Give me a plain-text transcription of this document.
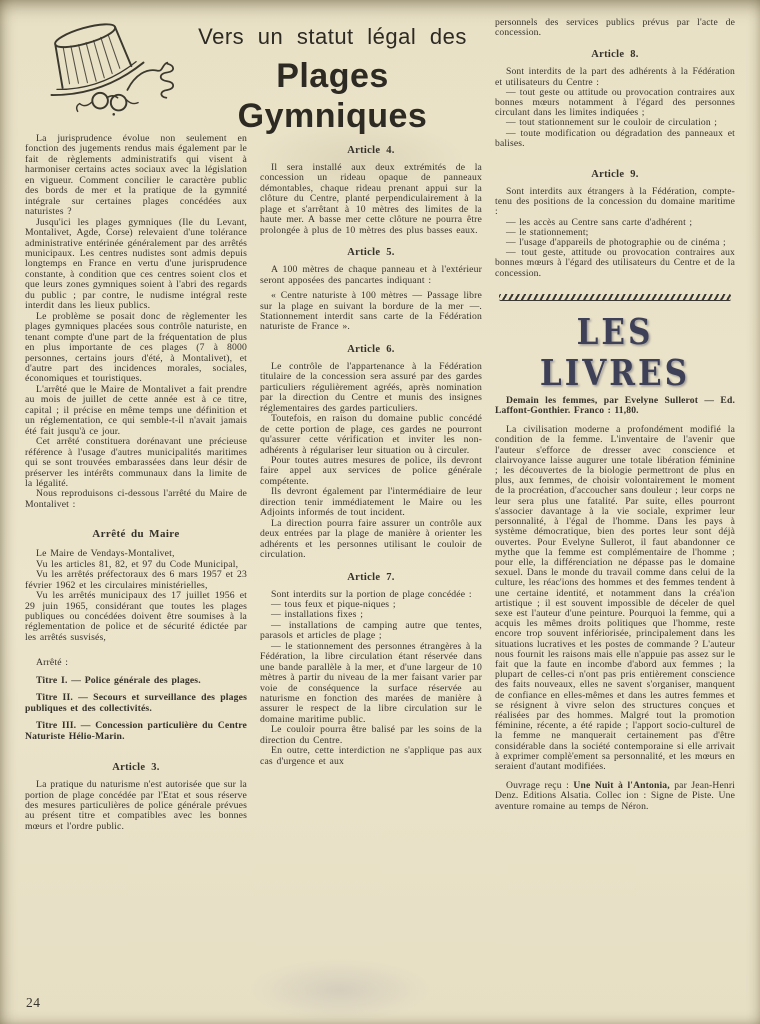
Vers un statut légal des

Plages Gymniques

La jurisprudence évolue non seulement en fonction des jugements rendus mais également par le fait de règlements administratifs qui visent à harmoniser certains actes sociaux avec la législation en vigueur. Comment concilier le caractère public des bords de mer et la pratique de la gymnité intégrale sur certaines plages concédées aux naturistes ?

Jusqu'ici les plages gymniques (Ile du Levant, Montalivet, Agde, Corse) relevaient d'une tolérance administrative entérinée généralement par des arrêtés municipaux. Les centres nudistes sont admis depuis longtemps en France en vertu d'une jurisprudence constante, à condition que ces centres soient clos et que leurs zones gymniques soient à l'abri des regards du public ; par contre, le nudisme intégral reste interdit dans les lieux publics.

Le problème se posait donc de règlementer les plages gymniques placées sous contrôle naturiste, en tenant compte d'une part de la fréquentation de plus en plus importante de ces plages (7 à 8000 personnes, certains jours d'été, à Montalivet), et d'autre part des incidences morales, sociales, économiques et touristiques.

L'arrêté que le Maire de Montalivet a fait prendre au mois de juillet de cette année est à ce titre, capital ; il précise en même temps une définition et un réglementation, ce qui semble-t-il n'avait jamais été fait jusqu'à ce jour.

Cet arrêté constituera dorénavant une précieuse référence à l'usage d'autres municipalités maritimes qui se sont trouvées embarassées dans leur désir de préserver les intérêts communaux dans la limite de la légalité.

Nous reproduisons ci-dessous l'arrêté du Maire de Montalivet :

Arrêté du Maire

Le Maire de Vendays-Montalivet,

Vu les articles 81, 82, et 97 du Code Municipal,

Vu les arrêtés préfectoraux des 6 mars 1957 et 23 février 1962 et les circulaires ministérielles,

Vu les arrêtés municipaux des 17 juillet 1956 et 29 juin 1965, considérant que toutes les plages publiques ou concédées doivent être soumises à la réglementation de police et de sécurité édictée par les arrêtés susvisés,

Arrêté :

Titre I. — Police générale des plages.

Titre II. — Secours et surveillance des plages publiques et des collectivités.

Titre III. — Concession particulière du Centre Naturiste Hélio-Marin.

Article 3.

La pratique du naturisme n'est autorisée que sur la portion de plage concédée par l'Etat et sous réserve des mesures particulières de police générale prévues au présent titre et compatibles avec les bonnes mœurs et l'ordre public.

Article 4.

Il sera installé aux deux extrémités de la concession un rideau opaque de panneaux démontables, chaque rideau prenant appui sur la clôture du Centre, planté perpendiculairement à la plage et s'arrêtant à 10 mètres des limites de la haute mer. A basse mer cette clôture ne pourra être prolongée à plus de 10 mètres des plus basses eaux.

Article 5.

A 100 mètres de chaque panneau et à l'extérieur seront apposées des pancartes indiquant :

« Centre naturiste à 100 mètres — Passage libre sur la plage en suivant la bordure de la mer —. Stationnement interdit sans carte de la Fédération naturiste de France ».

Article 6.

Le contrôle de l'appartenance à la Fédération titulaire de la concession sera assuré par des gardes particuliers régulièrement agréés, après nomination par la direction du Centre et munis des insignes réglementaires des gardes particuliers.

Toutefois, en raison du domaine public concédé de cette portion de plage, ces gardes ne pourront qu'assurer cette vérification et inviter les non-adhérents à régulariser leur situation ou à circuler.

Pour toutes autres mesures de police, ils devront faire appel aux services de police générale compétente.

Ils devront également par l'intermédiaire de leur direction tenir immédiatement le Maire ou les Adjoints informés de tout incident.

La direction pourra faire assurer un contrôle aux deux entrées par la plage de manière à orienter les adhérents et les personnes utilisant le couloir de circulation.

Article 7.

Sont interdits sur la portion de plage concédée :

— tous feux et pique-niques ;

— installations fixes ;

— installations de camping autre que tentes, parasols et articles de plage ;

— le stationnement des personnes étrangères à la Fédération, la libre circulation étant réservée dans une bande parallèle à la mer, et d'une largeur de 10 mètres à partir du niveau de la mer faisant varier par voie de conséquence la surface réservée au naturisme en fonction des marées de manière à assurer le respect de la libre circulation sur le domaine maritime public.

Le couloir pourra être balisé par les soins de la direction du Centre.

En outre, cette interdiction ne s'applique pas aux cas d'urgence et aux

personnels des services publics prévus par l'acte de concession.

Article 8.

Sont interdits de la part des adhérents à la Fédération et utilisateurs du Centre :

— tout geste ou attitude ou provocation contraires aux bonnes mœurs notamment à l'égard des personnes circulant dans les limites indiquées ;

— tout stationnement sur le couloir de circulation ;

— toute modification ou dégradation des panneaux et balises.

Article 9.

Sont interdits aux étrangers à la Fédération, compte-tenu des positions de la concession du domaine maritime :

— les accès au Centre sans carte d'adhérent ;

— le stationnement;

— l'usage d'appareils de photographie ou de cinéma ;

— tout geste, attitude ou provocation contraires aux bonnes mœurs à l'égard des utilisateurs du Centre et de la concession.

LES LIVRES

Demain les femmes, par Evelyne Sullerot — Ed. Laffont-Gonthier. Franco : 11,80.

La civilisation moderne a profondément modifié la condition de la femme. L'inventaire de l'avenir que l'auteur s'efforce de dresser avec conscience et clairvoyance laisse augurer une totale libération féminine ; les découvertes de la biologie permettront de plus en plus, aux femmes, de choisir volontairement le moment de la procréation, d'accoucher sans douleur ; leur corps ne leur sera plus une fatalité. Par suite, elles pourront s'associer davantage à la vie sociale, exprimer leur personnalité, à l'égal de l'homme. Dans les pays à système démocratique, bien des portes leur sont déjà ouvertes. Pour Evelyne Sullerot, il faut abandonner ce mythe que la femme est complémentaire de l'homme ; pour elle, la différenciation ne dépasse pas le domaine sexuel. Dans le monde du travail comme dans celui de la culture, les réac'ions des hommes et des femmes tendent à une certaine identité, et notamment dans la créa'ion artistique ; il est souvent impossible de déceler de quel sexe est l'auteur d'une peinture. Pourquoi la femme, qui a acquis les mêmes droits politiques que l'homme, reste encore trop souvent infériorisée, principalement dans les situations lucratives et les postes de commande ? L'auteur nous fournit les raisons mais elle n'appuie pas assez sur le fait que la faute en incombe d'abord aux femmes ; la plupart de celles-ci n'ont pas pris entièrement conscience des faits nouveaux, elles ne savent s'organiser, manquent de confiance en elles-mêmes et dans les autres femmes et se résignent à vivre selon des structures conçues et réalisées par des hommes. Malgré tout la promotion féminine, récente, a été rapide ; l'apport socio-culturel de la femme ne manquerait certainement pas d'être considérable dans la société contemporaine si elle arrivait à exprimer complè'ement sa personnalité, et les mœurs en seraient d'autant modifiées.

Ouvrage reçu : Une Nuit à l'Antonia, par Jean-Henri Denz. Editions Alsatia. Collec ion : Signe de Piste. Une aventure romaine au temps de Néron.

24
